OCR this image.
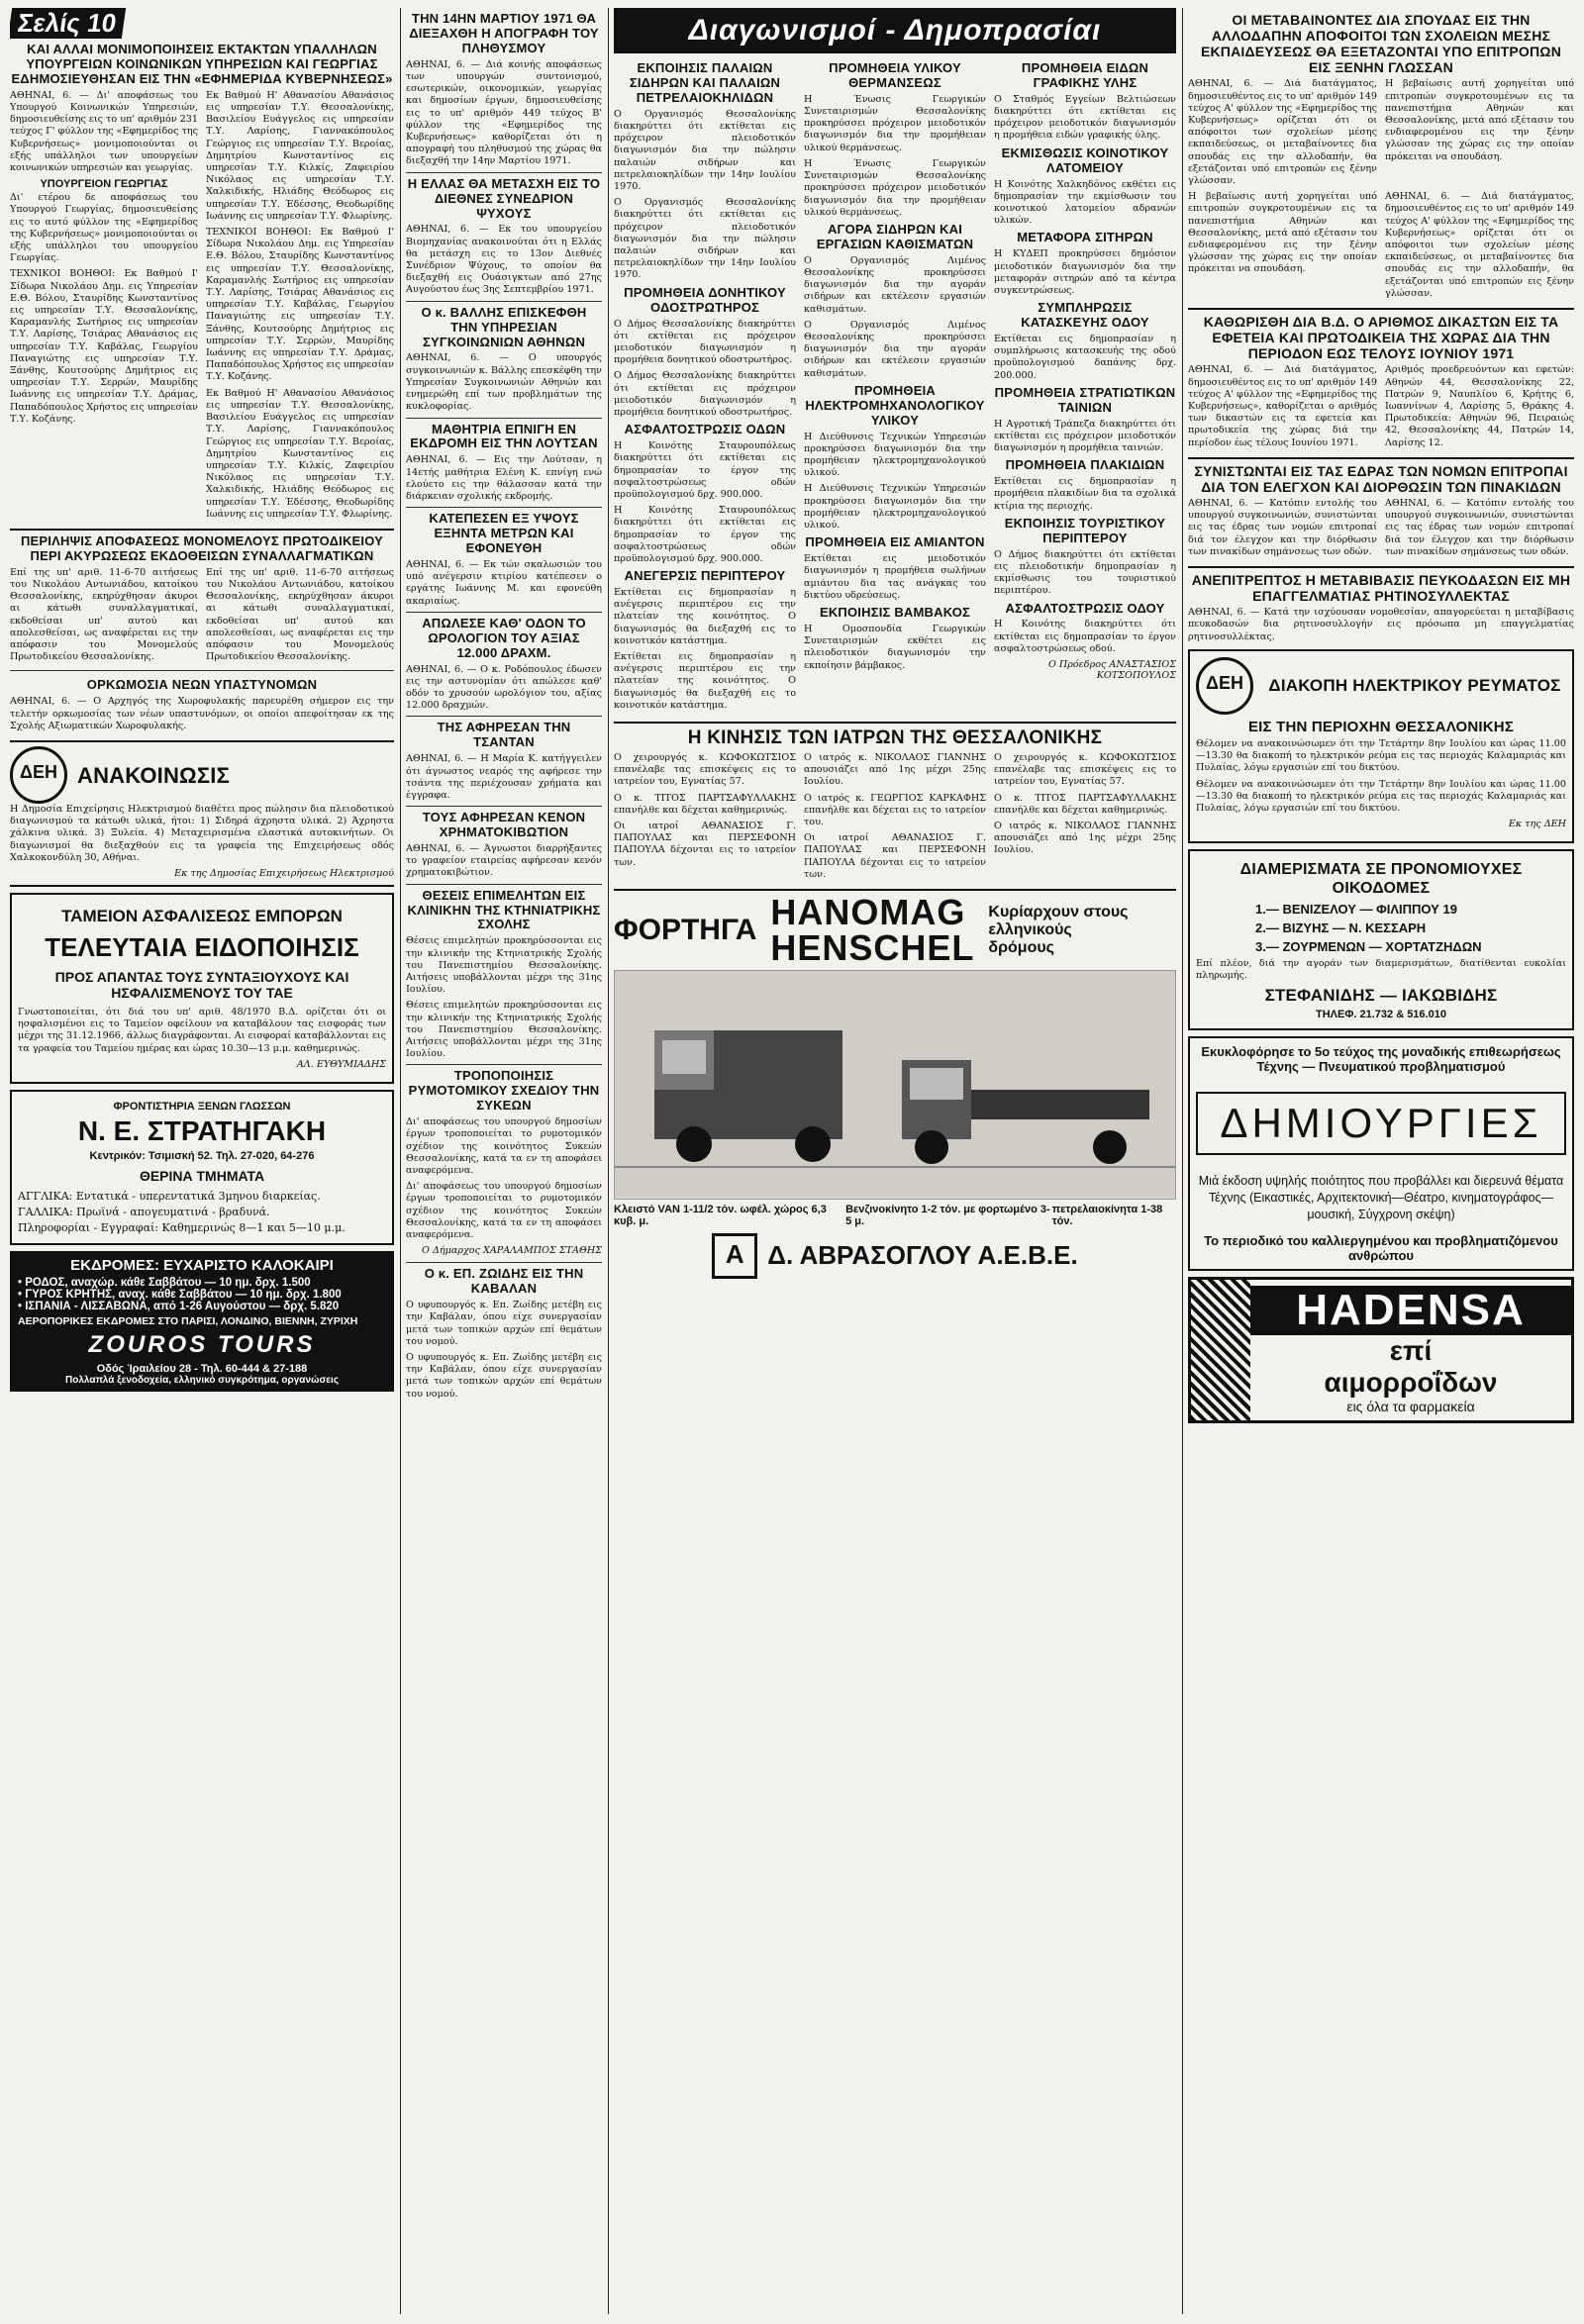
Σελίς 10
ΚΑΙ ΑΛΛΑΙ ΜΟΝΙΜΟΠΟΙΗΣΕΙΣ ΕΚΤΑΚΤΩΝ ΥΠΑΛΛΗΛΩΝ ΥΠΟΥΡΓΕΙΩΝ ΚΟΙΝΩΝΙΚΩΝ ΥΠΗΡΕΣΙΩΝ ΚΑΙ ΓΕΩΡΓΙΑΣ ΕΔΗΜΟΣΙΕΥΘΗΣΑΝ ΕΙΣ ΤΗΝ «ΕΦΗΜΕΡΙΔΑ ΚΥΒΕΡΝΗΣΕΩΣ»

ΑΘΗΝΑΙ, 6. — Δι' αποφάσεως του Υπουργού Κοινωνικών Υπηρεσιών, δημοσιευθείσης εις το υπ' αριθμόν 231 τεύχος Γ' φύλλον της «Εφημερίδος της Κυβερνήσεως» μονιμοποιούνται οι εξής υπάλληλοι των υπουργείων κοινωνικών υπηρεσιών και γεωργίας.

ΥΠΟΥΡΓΕΙΟΝ ΓΕΩΡΓΙΑΣ

Δι' ετέρου δε αποφάσεως του Υπουργού Γεωργίας, δημοσιευθείσης εις το αυτό φύλλον της «Εφημερίδος της Κυβερνήσεως» μονιμοποιούνται οι εξής υπάλληλοι του υπουργείου Γεωργίας.

ΤΕΧΝΙΚΟΙ ΒΟΗΘΟΙ: Εκ Βαθμού Ι' Σίδωρα Νικολάου Δημ. εις Υπηρεσίαν Ε.Θ. Βόλου, Σταυρίδης Κωνσταντίνος εις υπηρεσίαν Τ.Υ. Θεσσαλονίκης, Καραμανλής Σωτήριος εις υπηρεσίαν Τ.Υ. Λαρίσης, Τσιάρας Αθανάσιος εις υπηρεσίαν Τ.Υ. Καβάλας, Γεωργίου Παναγιώτης εις υπηρεσίαν Τ.Υ. Ξάνθης, Κουτσούρης Δημήτριος εις υπηρεσίαν Τ.Υ. Σερρών, Μαυρίδης Ιωάννης εις υπηρεσίαν Τ.Υ. Δράμας, Παπαδόπουλος Χρήστος εις υπηρεσίαν Τ.Υ. Κοζάνης.

Εκ Βαθμού Η' Αθανασίου Αθανάσιος εις υπηρεσίαν Τ.Υ. Θεσσαλονίκης, Βασιλείου Ευάγγελος εις υπηρεσίαν Τ.Υ. Λαρίσης, Γιαννακόπουλος Γεώργιος εις υπηρεσίαν Τ.Υ. Βεροίας, Δημητρίου Κωνσταντίνος εις υπηρεσίαν Τ.Υ. Κιλκίς, Ζαφειρίου Νικόλαος εις υπηρεσίαν Τ.Υ. Χαλκιδικής, Ηλιάδης Θεόδωρος εις υπηρεσίαν Τ.Υ. Έδέσσης, Θεοδωρίδης Ιωάννης εις υπηρεσίαν Τ.Υ. Φλωρίνης.

ΤΕΧΝΙΚΟΙ ΒΟΗΘΟΙ: Εκ Βαθμού Ι' Σίδωρα Νικολάου Δημ. εις Υπηρεσίαν Ε.Θ. Βόλου, Σταυρίδης Κωνσταντίνος εις υπηρεσίαν Τ.Υ. Θεσσαλονίκης, Καραμανλής Σωτήριος εις υπηρεσίαν Τ.Υ. Λαρίσης, Τσιάρας Αθανάσιος εις υπηρεσίαν Τ.Υ. Καβάλας, Γεωργίου Παναγιώτης εις υπηρεσίαν Τ.Υ. Ξάνθης, Κουτσούρης Δημήτριος εις υπηρεσίαν Τ.Υ. Σερρών, Μαυρίδης Ιωάννης εις υπηρεσίαν Τ.Υ. Δράμας, Παπαδόπουλος Χρήστος εις υπηρεσίαν Τ.Υ. Κοζάνης.

Εκ Βαθμού Η' Αθανασίου Αθανάσιος εις υπηρεσίαν Τ.Υ. Θεσσαλονίκης, Βασιλείου Ευάγγελος εις υπηρεσίαν Τ.Υ. Λαρίσης, Γιαννακόπουλος Γεώργιος εις υπηρεσίαν Τ.Υ. Βεροίας, Δημητρίου Κωνσταντίνος εις υπηρεσίαν Τ.Υ. Κιλκίς, Ζαφειρίου Νικόλαος εις υπηρεσίαν Τ.Υ. Χαλκιδικής, Ηλιάδης Θεόδωρος εις υπηρεσίαν Τ.Υ. Έδέσσης, Θεοδωρίδης Ιωάννης εις υπηρεσίαν Τ.Υ. Φλωρίνης.

ΠΕΡΙΛΗΨΙΣ ΑΠΟΦΑΣΕΩΣ ΜΟΝΟΜΕΛΟΥΣ ΠΡΩΤΟΔΙΚΕΙΟΥ ΠΕΡΙ ΑΚΥΡΩΣΕΩΣ ΕΚΔΟΘΕΙΣΩΝ ΣΥΝΑΛΛΑΓΜΑΤΙΚΩΝ

Επί της υπ' αριθ. 11-6-70 αιτήσεως του Νικολάου Αντωνιάδου, κατοίκου Θεσσαλονίκης, εκηρύχθησαν άκυροι αι κάτωθι συναλλαγματικαί, εκδοθείσαι υπ' αυτού και απολεσθείσαι, ως αναφέρεται εις την απόφασιν του Μονομελούς Πρωτοδικείου Θεσσαλονίκης.

Επί της υπ' αριθ. 11-6-70 αιτήσεως του Νικολάου Αντωνιάδου, κατοίκου Θεσσαλονίκης, εκηρύχθησαν άκυροι αι κάτωθι συναλλαγματικαί, εκδοθείσαι υπ' αυτού και απολεσθείσαι, ως αναφέρεται εις την απόφασιν του Μονομελούς Πρωτοδικείου Θεσσαλονίκης.

ΟΡΚΩΜΟΣΙΑ ΝΕΩΝ ΥΠΑΣΤΥΝΟΜΩΝ

ΑΘΗΝΑΙ, 6. — Ο Αρχηγός της Χωροφυλακής παρευρέθη σήμερον εις την τελετήν ορκωμοσίας των νέων υπαστυνόμων, οι οποίοι απεφοίτησαν εκ της Σχολής Αξιωματικών Χωροφυλακής.

ΔΕΗ ΑΝΑΚΟΙΝΩΣΙΣ

Η Δημοσία Επιχείρησις Ηλεκτρισμού διαθέτει προς πώλησιν δια πλειοδοτικού διαγωνισμού τα κάτωθι υλικά, ήτοι: 1) Σιδηρά άχρηστα υλικά. 2) Άχρηστα χάλκινα υλικά. 3) Ξυλεία. 4) Μεταχειρισμένα ελαστικά αυτοκινήτων. Οι διαγωνισμοί θα διεξαχθούν εις τα γραφεία της Επιχειρήσεως οδός Χαλκοκονδύλη 30, Αθήναι.

Εκ της Δημοσίας Επιχειρήσεως Ηλεκτρισμού
ΤΑΜΕΙΟΝ ΑΣΦΑΛΙΣΕΩΣ ΕΜΠΟΡΩΝ
ΤΕΛΕΥΤΑΙΑ ΕΙΔΟΠΟΙΗΣΙΣ
ΠΡΟΣ ΑΠΑΝΤΑΣ ΤΟΥΣ ΣΥΝΤΑΞΙΟΥΧΟΥΣ ΚΑΙ ΗΣΦΑΛΙΣΜΕΝΟΥΣ ΤΟΥ ΤΑΕ

Γνωστοποιείται, ότι διά του υπ' αριθ. 48/1970 Β.Δ. ορίζεται ότι οι ησφαλισμένοι εις το Ταμείον οφείλουν να καταβάλουν τας εισφοράς των μέχρι της 31.12.1966, άλλως διαγράφονται. Αι εισφοραί καταβάλλονται εις τα γραφεία του Ταμείου ημέρας και ώρας 10.30—13 μ.μ. καθημερινώς.

ΑΛ. ΕΥΘΥΜΙΑΔΗΣ
ΦΡΟΝΤΙΣΤΗΡΙΑ ΞΕΝΩΝ ΓΛΩΣΣΩΝ
Ν. Ε. ΣΤΡΑΤΗΓΑΚΗ
Κεντρικόν: Τσιμισκή 52. Τηλ. 27-020, 64-276
ΘΕΡΙΝΑ ΤΜΗΜΑΤΑ
ΑΓΓΛΙΚΑ: Εντατικά - υπερεντατικά 3μηνου διαρκείας.
ΓΑΛΛΙΚΑ: Πρωϊνά - απογευματινά - βραδυνά.
Πληροφορίαι - Εγγραφαί: Καθημερινώς 8—1 και 5—10 μ.μ.
ΕΚΔΡΟΜΕΣ: ΕΥΧΑΡΙΣΤΟ ΚΑΛΟΚΑΙΡΙ
• ΡΟΔΟΣ, αναχώρ. κάθε Σαββάτου — 10 ημ. δρχ. 1.500
• ΓΥΡΟΣ ΚΡΗΤΗΣ, αναχ. κάθε Σαββάτου — 10 ημ. δρχ. 1.800
• ΙΣΠΑΝΙΑ - ΛΙΣΣΑΒΩΝΑ, από 1-26 Αυγούστου — δρχ. 5.820
ΑΕΡΟΠΟΡΙΚΕΣ ΕΚΔΡΟΜΕΣ ΣΤΟ ΠΑΡΙΣΙ, ΛΟΝΔΙΝΟ, ΒΙΕΝΝΗ, ΖΥΡΙΧΗ
ZOUROS TOURS
Οδός Ίραιλείου 28 - Τηλ. 60-444 & 27-188
Πολλαπλά ξενοδοχεία, ελληνικό συγκρότημα, οργανώσεις
ΤΗΝ 14ΗΝ ΜΑΡΤΙΟΥ 1971 ΘΑ ΔΙΕΞΑΧΘΗ Η ΑΠΟΓΡΑΦΗ ΤΟΥ ΠΛΗΘΥΣΜΟΥ

ΑΘΗΝΑΙ, 6. — Διά κοινής αποφάσεως των υπουργών συντονισμού, εσωτερικών, οικονομικών, γεωργίας και δημοσίων έργων, δημοσιευθείσης εις το υπ' αριθμόν 449 τεύχος Β' φύλλον της «Εφημερίδος της Κυβερνήσεως» καθορίζεται ότι η απογραφή του πληθυσμού της χώρας θα διεξαχθή την 14ην Μαρτίου 1971.

Η ΕΛΛΑΣ ΘΑ ΜΕΤΑΣΧΗ ΕΙΣ ΤΟ ΔΙΕΘΝΕΣ ΣΥΝΕΔΡΙΟΝ ΨΥΧΟΥΣ

ΑΘΗΝΑΙ, 6. — Εκ του υπουργείου Βιομηχανίας ανακοινούται ότι η Ελλάς θα μετάσχη εις το 13ον Διεθνές Συνέδριον Ψύχους, το οποίον θα διεξαχθή εις Ουάσιγκτων από 27ης Αυγούστου έως 3ης Σεπτεμβρίου 1971.

Ο κ. ΒΑΛΛΗΣ ΕΠΙΣΚΕΦΘΗ ΤΗΝ ΥΠΗΡΕΣΙΑΝ ΣΥΓΚΟΙΝΩΝΙΩΝ ΑΘΗΝΩΝ

ΑΘΗΝΑΙ, 6. — Ο υπουργός συγκοινωνιών κ. Βάλλης επεσκέφθη την Υπηρεσίαν Συγκοινωνιών Αθηνών και ενημερώθη επί των προβλημάτων της κυκλοφορίας.

ΜΑΘΗΤΡΙΑ ΕΠΝΙΓΗ ΕΝ ΕΚΔΡΟΜΗ ΕΙΣ ΤΗΝ ΛΟΥΤΣΑΝ

ΑΘΗΝΑΙ, 6. — Εις την Λούτσαν, η 14ετής μαθήτρια Ελένη Κ. επνίγη ενώ ελούετο εις την θάλασσαν κατά την διάρκειαν σχολικής εκδρομής.

ΚΑΤΕΠΕΣΕΝ ΕΞ ΥΨΟΥΣ ΕΞΗΝΤΑ ΜΕΤΡΩΝ ΚΑΙ ΕΦΟΝΕΥΘΗ

ΑΘΗΝΑΙ, 6. — Εκ τών σκαλωσιών του υπό ανέγερσιν κτιρίου κατέπεσεν ο εργάτης Ιωάννης Μ. και εφονεύθη ακαριαίως.

ΑΠΩΛΕΣΕ ΚΑΘ' ΟΔΟΝ ΤΟ ΩΡΟΛΟΓΙΟΝ ΤΟΥ ΑΞΙΑΣ 12.000 ΔΡΑΧΜ.

ΑΘΗΝΑΙ, 6. — Ο κ. Ροδόπουλος έδωσεν εις την αστυνομίαν ότι απώλεσε καθ' οδόν το χρυσούν ωρολόγιον του, αξίας 12.000 δραχμών.

ΤΗΣ ΑΦΗΡΕΣΑΝ ΤΗΝ ΤΣΑΝΤΑΝ

ΑΘΗΝΑΙ, 6. — Η Μαρία Κ. κατήγγειλεν ότι άγνωστος νεαρός της αφήρεσε την τσάντα της περιέχουσαν χρήματα και έγγραφα.

ΤΟΥΣ ΑΦΗΡΕΣΑΝ ΚΕΝΟΝ ΧΡΗΜΑΤΟΚΙΒΩΤΙΟΝ

ΑΘΗΝΑΙ, 6. — Άγνωστοι διαρρήξαντες το γραφείον εταιρείας αφήρεσαν κενόν χρηματοκιβώτιον.

ΘΕΣΕΙΣ ΕΠΙΜΕΛΗΤΩΝ ΕΙΣ ΚΛΙΝΙΚΗΝ ΤΗΣ ΚΤΗΝΙΑΤΡΙΚΗΣ ΣΧΟΛΗΣ

Θέσεις επιμελητών προκηρύσσονται εις την κλινικήν της Κτηνιατρικής Σχολής του Πανεπιστημίου Θεσσαλονίκης. Αιτήσεις υποβάλλονται μέχρι της 31ης Ιουλίου.

Θέσεις επιμελητών προκηρύσσονται εις την κλινικήν της Κτηνιατρικής Σχολής του Πανεπιστημίου Θεσσαλονίκης. Αιτήσεις υποβάλλονται μέχρι της 31ης Ιουλίου.

ΤΡΟΠΟΠΟΙΗΣΙΣ ΡΥΜΟΤΟΜΙΚΟΥ ΣΧΕΔΙΟΥ ΤΗΝ ΣΥΚΕΩΝ

Δι' αποφάσεως του υπουργού δημοσίων έργων τροποποιείται το ρυμοτομικόν σχέδιον της κοινότητος Συκεών Θεσσαλονίκης, κατά τα εν τη αποφάσει αναφερόμενα.

Δι' αποφάσεως του υπουργού δημοσίων έργων τροποποιείται το ρυμοτομικόν σχέδιον της κοινότητος Συκεών Θεσσαλονίκης, κατά τα εν τη αποφάσει αναφερόμενα.

Ο Δήμαρχος ΧΑΡΑΛΑΜΠΟΣ ΣΤΑΘΗΣ
Ο κ. ΕΠ. ΖΩΙΔΗΣ ΕΙΣ ΤΗΝ ΚΑΒΑΛΑΝ

Ο υφυπουργός κ. Επ. Ζωίδης μετέβη εις την Καβάλαν, όπου είχε συνεργασίαν μετά των τοπικών αρχών επί θεμάτων του νομού.

Ο υφυπουργός κ. Επ. Ζωίδης μετέβη εις την Καβάλαν, όπου είχε συνεργασίαν μετά των τοπικών αρχών επί θεμάτων του νομού.

Διαγωνισμοί - Δημοπρασίαι
ΕΚΠΟΙΗΣΙΣ ΠΑΛΑΙΩΝ ΣΙΔΗΡΩΝ ΚΑΙ ΠΑΛΑΙΩΝ ΠΕΤΡΕΛΑΙΟΚΗΛΙΔΩΝ

Ο Οργανισμός Θεσσαλονίκης διακηρύττει ότι εκτίθεται εις πρόχειρον πλειοδοτικόν διαγωνισμόν δια την πώλησιν παλαιών σιδήρων και πετρελαιοκηλίδων την 14ην Ιουλίου 1970.

Ο Οργανισμός Θεσσαλονίκης διακηρύττει ότι εκτίθεται εις πρόχειρον πλειοδοτικόν διαγωνισμόν δια την πώλησιν παλαιών σιδήρων και πετρελαιοκηλίδων την 14ην Ιουλίου 1970.

ΠΡΟΜΗΘΕΙΑ ΔΟΝΗΤΙΚΟΥ ΟΔΟΣΤΡΩΤΗΡΟΣ

Ο Δήμος Θεσσαλονίκης διακηρύττει ότι εκτίθεται εις πρόχειρον μειοδοτικόν διαγωνισμόν η προμήθεια δονητικού οδοστρωτήρος.

Ο Δήμος Θεσσαλονίκης διακηρύττει ότι εκτίθεται εις πρόχειρον μειοδοτικόν διαγωνισμόν η προμήθεια δονητικού οδοστρωτήρος.

ΑΣΦΑΛΤΟΣΤΡΩΣΙΣ ΟΔΩΝ

Η Κοινότης Σταυρουπόλεως διακηρύττει ότι εκτίθεται εις δημοπρασίαν το έργον της ασφαλτοστρώσεως οδών προϋπολογισμού δρχ. 900.000.

Η Κοινότης Σταυρουπόλεως διακηρύττει ότι εκτίθεται εις δημοπρασίαν το έργον της ασφαλτοστρώσεως οδών προϋπολογισμού δρχ. 900.000.

ΑΝΕΓΕΡΣΙΣ ΠΕΡΙΠΤΕΡΟΥ

Εκτίθεται εις δημοπρασίαν η ανέγερσις περιπτέρου εις την πλατείαν της κοινότητος. Ο διαγωνισμός θα διεξαχθή εις το κοινοτικόν κατάστημα.

Εκτίθεται εις δημοπρασίαν η ανέγερσις περιπτέρου εις την πλατείαν της κοινότητος. Ο διαγωνισμός θα διεξαχθή εις το κοινοτικόν κατάστημα.

ΠΡΟΜΗΘΕΙΑ ΥΛΙΚΟΥ ΘΕΡΜΑΝΣΕΩΣ

Η Ένωσις Γεωργικών Συνεταιρισμών Θεσσαλονίκης προκηρύσσει πρόχειρον μειοδοτικόν διαγωνισμόν δια την προμήθειαν υλικού θερμάνσεως.

Η Ένωσις Γεωργικών Συνεταιρισμών Θεσσαλονίκης προκηρύσσει πρόχειρον μειοδοτικόν διαγωνισμόν δια την προμήθειαν υλικού θερμάνσεως.

ΑΓΟΡΑ ΣΙΔΗΡΩΝ ΚΑΙ ΕΡΓΑΣΙΩΝ ΚΑΘΙΣΜΑΤΩΝ

Ο Οργανισμός Λιμένος Θεσσαλονίκης προκηρύσσει διαγωνισμόν δια την αγοράν σιδήρων και εκτέλεσιν εργασιών καθισμάτων.

Ο Οργανισμός Λιμένος Θεσσαλονίκης προκηρύσσει διαγωνισμόν δια την αγοράν σιδήρων και εκτέλεσιν εργασιών καθισμάτων.

ΠΡΟΜΗΘΕΙΑ ΗΛΕΚΤΡΟΜΗΧΑΝΟΛΟΓΙΚΟΥ ΥΛΙΚΟΥ

Η Διεύθυνσις Τεχνικών Υπηρεσιών προκηρύσσει διαγωνισμόν δια την προμήθειαν ηλεκτρομηχανολογικού υλικού.

Η Διεύθυνσις Τεχνικών Υπηρεσιών προκηρύσσει διαγωνισμόν δια την προμήθειαν ηλεκτρομηχανολογικού υλικού.

ΠΡΟΜΗΘΕΙΑ ΕΙΣ ΑΜΙΑΝΤΟΝ

Εκτίθεται εις μειοδοτικόν διαγωνισμόν η προμήθεια σωλήνων αμιάντου δια τας ανάγκας του δικτύου υδρεύσεως.

ΕΚΠΟΙΗΣΙΣ ΒΑΜΒΑΚΟΣ

Η Ομοσπονδία Γεωργικών Συνεταιρισμών εκθέτει εις πλειοδοτικόν διαγωνισμόν την εκποίησιν βάμβακος.

ΠΡΟΜΗΘΕΙΑ ΕΙΔΩΝ ΓΡΑΦΙΚΗΣ ΥΛΗΣ

Ο Σταθμός Εγγείων Βελτιώσεων διακηρύττει ότι εκτίθεται εις πρόχειρον μειοδοτικόν διαγωνισμόν η προμήθεια ειδών γραφικής ύλης.

ΕΚΜΙΣΘΩΣΙΣ ΚΟΙΝΟΤΙΚΟΥ ΛΑΤΟΜΕΙΟΥ

Η Κοινότης Χαλκηδόνος εκθέτει εις δημοπρασίαν την εκμίσθωσιν του κοινοτικού λατομείου αδρανών υλικών.

ΜΕΤΑΦΟΡΑ ΣΙΤΗΡΩΝ

Η ΚΥΔΕΠ προκηρύσσει δημόσιον μειοδοτικόν διαγωνισμόν δια την μεταφοράν σιτηρών από τα κέντρα συγκεντρώσεως.

ΣΥΜΠΛΗΡΩΣΙΣ ΚΑΤΑΣΚΕΥΗΣ ΟΔΟΥ

Εκτίθεται εις δημοπρασίαν η συμπλήρωσις κατασκευής της οδού προϋπολογισμού δαπάνης δρχ. 200.000.

ΠΡΟΜΗΘΕΙΑ ΣΤΡΑΤΙΩΤΙΚΩΝ ΤΑΙΝΙΩΝ

Η Αγροτική Τράπεζα διακηρύττει ότι εκτίθεται εις πρόχειρον μειοδοτικόν διαγωνισμόν η προμήθεια ταινιών.

ΠΡΟΜΗΘΕΙΑ ΠΛΑΚΙΔΙΩΝ

Εκτίθεται εις δημοπρασίαν η προμήθεια πλακιδίων δια τα σχολικά κτίρια της περιοχής.

ΕΚΠΟΙΗΣΙΣ ΤΟΥΡΙΣΤΙΚΟΥ ΠΕΡΙΠΤΕΡΟΥ

Ο Δήμος διακηρύττει ότι εκτίθεται εις πλειοδοτικήν δημοπρασίαν η εκμίσθωσις του τουριστικού περιπτέρου.

ΑΣΦΑΛΤΟΣΤΡΩΣΙΣ ΟΔΟΥ

Η Κοινότης διακηρύττει ότι εκτίθεται εις δημοπρασίαν το έργον ασφαλτοστρώσεως οδού.

Ο Πρόεδρος ΑΝΑΣΤΑΣΙΟΣ ΚΟΤΣΟΠΟΥΛΟΣ
Η ΚΙΝΗΣΙΣ ΤΩΝ ΙΑΤΡΩΝ ΤΗΣ ΘΕΣΣΑΛΟΝΙΚΗΣ

Ο χειρουργός κ. ΚΩΦΟΚΩΤΣΙΟΣ επανέλαβε τας επισκέψεις εις το ιατρείον του, Εγνατίας 57.

Ο κ. ΤΙΤΟΣ ΠΑΡΤΣΑΦΥΛΛΑΚΗΣ επανήλθε και δέχεται καθημερινώς.

Οι ιατροί ΑΘΑΝΑΣΙΟΣ Γ. ΠΑΠΟΥΛΑΣ και ΠΕΡΣΕΦΟΝΗ ΠΑΠΟΥΛΑ δέχονται εις το ιατρείον των.

Ο ιατρός κ. ΝΙΚΟΛΑΟΣ ΓΙΑΝΝΗΣ απουσιάζει από 1ης μέχρι 25ης Ιουλίου.

Ο ιατρός κ. ΓΕΩΡΓΙΟΣ ΚΑΡΚΑΦΗΣ επανήλθε και δέχεται εις το ιατρείον του.

Οι ιατροί ΑΘΑΝΑΣΙΟΣ Γ. ΠΑΠΟΥΛΑΣ και ΠΕΡΣΕΦΟΝΗ ΠΑΠΟΥΛΑ δέχονται εις το ιατρείον των.

Ο χειρουργός κ. ΚΩΦΟΚΩΤΣΙΟΣ επανέλαβε τας επισκέψεις εις το ιατρείον του, Εγνατίας 57.

Ο κ. ΤΙΤΟΣ ΠΑΡΤΣΑΦΥΛΛΑΚΗΣ επανήλθε και δέχεται καθημερινώς.

Ο ιατρός κ. ΝΙΚΟΛΑΟΣ ΓΙΑΝΝΗΣ απουσιάζει από 1ης μέχρι 25ης Ιουλίου.

ΦΟΡΤΗΓΑ HANOMAG
HENSCHEL
Κυρίαρχουν στους ελληνικούς δρόμους
Κλειστό VAN 1-11/2 τόν. ωφέλ. χώρος 6,3 κυβ. μ.
Βενζινοκίνητο 1-2 τόν. με φορτωμένο 3-5 μ.
πετρελαιοκίνητα 1-38 τόν.
Α Δ. ΑΒΡΑΣΟΓΛΟΥ Α.Ε.Β.Ε.
ΟΙ ΜΕΤΑΒΑΙΝΟΝΤΕΣ ΔΙΑ ΣΠΟΥΔΑΣ ΕΙΣ ΤΗΝ ΑΛΛΟΔΑΠΗΝ ΑΠΟΦΟΙΤΟΙ ΤΩΝ ΣΧΟΛΕΙΩΝ ΜΕΣΗΣ ΕΚΠΑΙΔΕΥΣΕΩΣ ΘΑ ΕΞΕΤΑΖΟΝΤΑΙ ΥΠΟ ΕΠΙΤΡΟΠΩΝ ΕΙΣ ΞΕΝΗΝ ΓΛΩΣΣΑΝ

ΑΘΗΝΑΙ, 6. — Διά διατάγματος, δημοσιευθέντος εις το υπ' αριθμόν 149 τεύχος Α' φύλλον της «Εφημερίδος της Κυβερνήσεως» ορίζεται ότι οι απόφοιτοι των σχολείων μέσης εκπαιδεύσεως, οι μεταβαίνοντες δια σπουδάς εις την αλλοδαπήν, θα εξετάζονται υπό επιτροπών εις ξένην γλώσσαν.

Η βεβαίωσις αυτή χορηγείται υπό επιτροπών συγκροτουμένων εις τα πανεπιστήμια Αθηνών και Θεσσαλονίκης, μετά από εξέτασιν του ενδιαφερομένου εις την ξένην γλώσσαν της χώρας εις την οποίαν πρόκειται να σπουδάση.

Η βεβαίωσις αυτή χορηγείται υπό επιτροπών συγκροτουμένων εις τα πανεπιστήμια Αθηνών και Θεσσαλονίκης, μετά από εξέτασιν του ενδιαφερομένου εις την ξένην γλώσσαν της χώρας εις την οποίαν πρόκειται να σπουδάση.

ΑΘΗΝΑΙ, 6. — Διά διατάγματος, δημοσιευθέντος εις το υπ' αριθμόν 149 τεύχος Α' φύλλον της «Εφημερίδος της Κυβερνήσεως» ορίζεται ότι οι απόφοιτοι των σχολείων μέσης εκπαιδεύσεως, οι μεταβαίνοντες δια σπουδάς εις την αλλοδαπήν, θα εξετάζονται υπό επιτροπών εις ξένην γλώσσαν.

ΚΑΘΩΡΙΣΘΗ ΔΙΑ Β.Δ. Ο ΑΡΙΘΜΟΣ ΔΙΚΑΣΤΩΝ ΕΙΣ ΤΑ ΕΦΕΤΕΙΑ ΚΑΙ ΠΡΩΤΟΔΙΚΕΙΑ ΤΗΣ ΧΩΡΑΣ ΔΙΑ ΤΗΝ ΠΕΡΙΟΔΟΝ ΕΩΣ ΤΕΛΟΥΣ ΙΟΥΝΙΟΥ 1971

ΑΘΗΝΑΙ, 6. — Διά διατάγματος, δημοσιευθέντος εις το υπ' αριθμόν 149 τεύχος Α' φύλλον της «Εφημερίδος της Κυβερνήσεως», καθορίζεται ο αριθμός των δικαστών εις τα εφετεία και πρωτοδικεία της χώρας διά την περίοδον έως τέλους Ιουνίου 1971.

Αριθμός προεδρευόντων και εφετών: Αθηνών 44, Θεσσαλονίκης 22, Πατρών 9, Ναυπλίου 6, Κρήτης 6, Ιωαννίνων 4, Λαρίσης 5, Θράκης 4. Πρωτοδικεία: Αθηνών 96, Πειραιώς 42, Θεσσαλονίκης 44, Πατρών 14, Λαρίσης 12.

ΣΥΝΙΣΤΩΝΤΑΙ ΕΙΣ ΤΑΣ ΕΔΡΑΣ ΤΩΝ ΝΟΜΩΝ ΕΠΙΤΡΟΠΑΙ ΔΙΑ ΤΟΝ ΕΛΕΓΧΟΝ ΚΑΙ ΔΙΟΡΘΩΣΙΝ ΤΩΝ ΠΙΝΑΚΙΔΩΝ

ΑΘΗΝΑΙ, 6. — Κατόπιν εντολής του υπουργού συγκοινωνιών, συνιστώνται εις τας έδρας των νομών επιτροπαί διά τον έλεγχον και την διόρθωσιν των πινακίδων σημάνσεως των οδών.

ΑΘΗΝΑΙ, 6. — Κατόπιν εντολής του υπουργού συγκοινωνιών, συνιστώνται εις τας έδρας των νομών επιτροπαί διά τον έλεγχον και την διόρθωσιν των πινακίδων σημάνσεως των οδών.

ΑΝΕΠΙΤΡΕΠΤΟΣ Η ΜΕΤΑΒΙΒΑΣΙΣ ΠΕΥΚΟΔΑΣΩΝ ΕΙΣ ΜΗ ΕΠΑΓΓΕΛΜΑΤΙΑΣ ΡΗΤΙΝΟΣΥΛΛΕΚΤΑΣ

ΑΘΗΝΑΙ, 6. — Κατά την ισχύουσαν νομοθεσίαν, απαγορεύεται η μεταβίβασις πευκοδασών δια ρητινοσυλλογήν εις πρόσωπα μη επαγγελματίας ρητινοσυλλέκτας.

ΔΕΗ	ΔΙΑΚΟΠΗ ΗΛΕΚΤΡΙΚΟΥ ΡΕΥΜΑΤΟΣ
ΕΙΣ ΤΗΝ ΠΕΡΙΟΧΗΝ ΘΕΣΣΑΛΟΝΙΚΗΣ

Θέλομεν να ανακοινώσωμεν ότι την Τετάρτην 8ην Ιουλίου και ώρας 11.00—13.30 θα διακοπή το ηλεκτρικόν ρεύμα εις τας περιοχάς Καλαμαριάς και Πυλαίας, λόγω εργασιών επί του δικτύου.

Θέλομεν να ανακοινώσωμεν ότι την Τετάρτην 8ην Ιουλίου και ώρας 11.00—13.30 θα διακοπή το ηλεκτρικόν ρεύμα εις τας περιοχάς Καλαμαριάς και Πυλαίας, λόγω εργασιών επί του δικτύου.

Εκ της ΔΕΗ
ΔΙΑΜΕΡΙΣΜΑΤΑ ΣΕ ΠΡΟΝΟΜΙΟΥΧΕΣ ΟΙΚΟΔΟΜΕΣ
1.— ΒΕΝΙΖΕΛΟΥ — ΦΙΛΙΠΠΟΥ 19
2.— ΒΙΖΥΗΣ — Ν. ΚΕΣΣΑΡΗ
3.— ΖΟΥΡΜΕΝΩΝ — ΧΟΡΤΑΤΖΗΔΩΝ

Επί πλέον, διά την αγοράν των διαμερισμάτων, διατίθενται ευκολίαι πληρωμής.

ΣΤΕΦΑΝΙΔΗΣ — ΙΑΚΩΒΙΔΗΣ
ΤΗΛΕΦ. 21.732 & 516.010
Εκυκλοφόρησε το 5ο τεύχος της μοναδικής επιθεωρήσεως Τέχνης — Πνευματικού προβληματισμού
ΔΗΜΙΟΥΡΓΙΕΣ
Μιά έκδοση υψηλής ποιότητος που προβάλλει και διερευνά θέματα Τέχνης (Εικαστικές, Αρχιτεκτονική—Θέατρο, κινηματογράφος—μουσική, Σύγχρονη σκέψη)
Το περιοδικό του καλλιεργημένου και προβληματιζόμενου ανθρώπου
HADENSA
επί
αιμορροΐδων
εις όλα τα φαρμακεία
